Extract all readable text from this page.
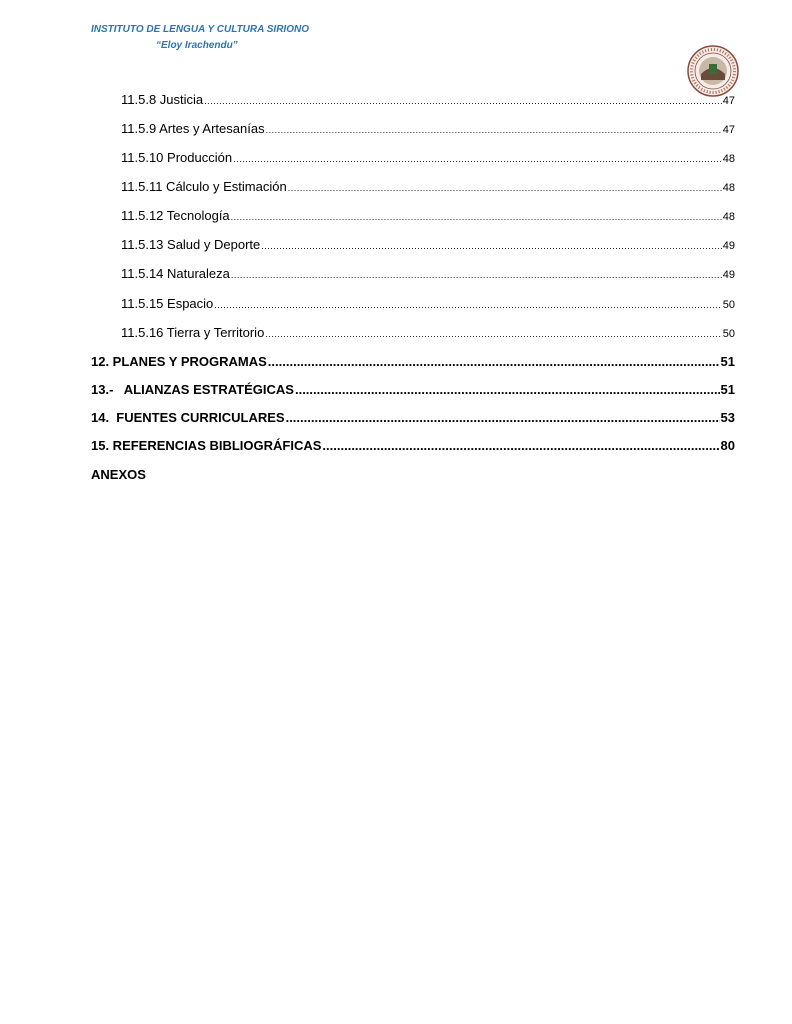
INSTITUTO DE LENGUA Y CULTURA SIRIONO
“Eloy Irachendu”
11.5.8 Justicia .....	47
11.5.9 Artes y Artesanías .....	47
11.5.10 Producción .....	48
11.5.11 Cálculo y Estimación .....	48
11.5.12 Tecnología .....	48
11.5.13 Salud y Deporte .....	49
11.5.14 Naturaleza .....	49
11.5.15 Espacio .....	50
11.5.16 Tierra y Territorio .....	50
12. PLANES Y PROGRAMAS .....	51
13.-   ALIANZAS ESTRATÉGICAS .....	51
14.  FUENTES CURRICULARES .....	53
15. REFERENCIAS BIBLIOGRÁFICAS .....	80
ANEXOS
